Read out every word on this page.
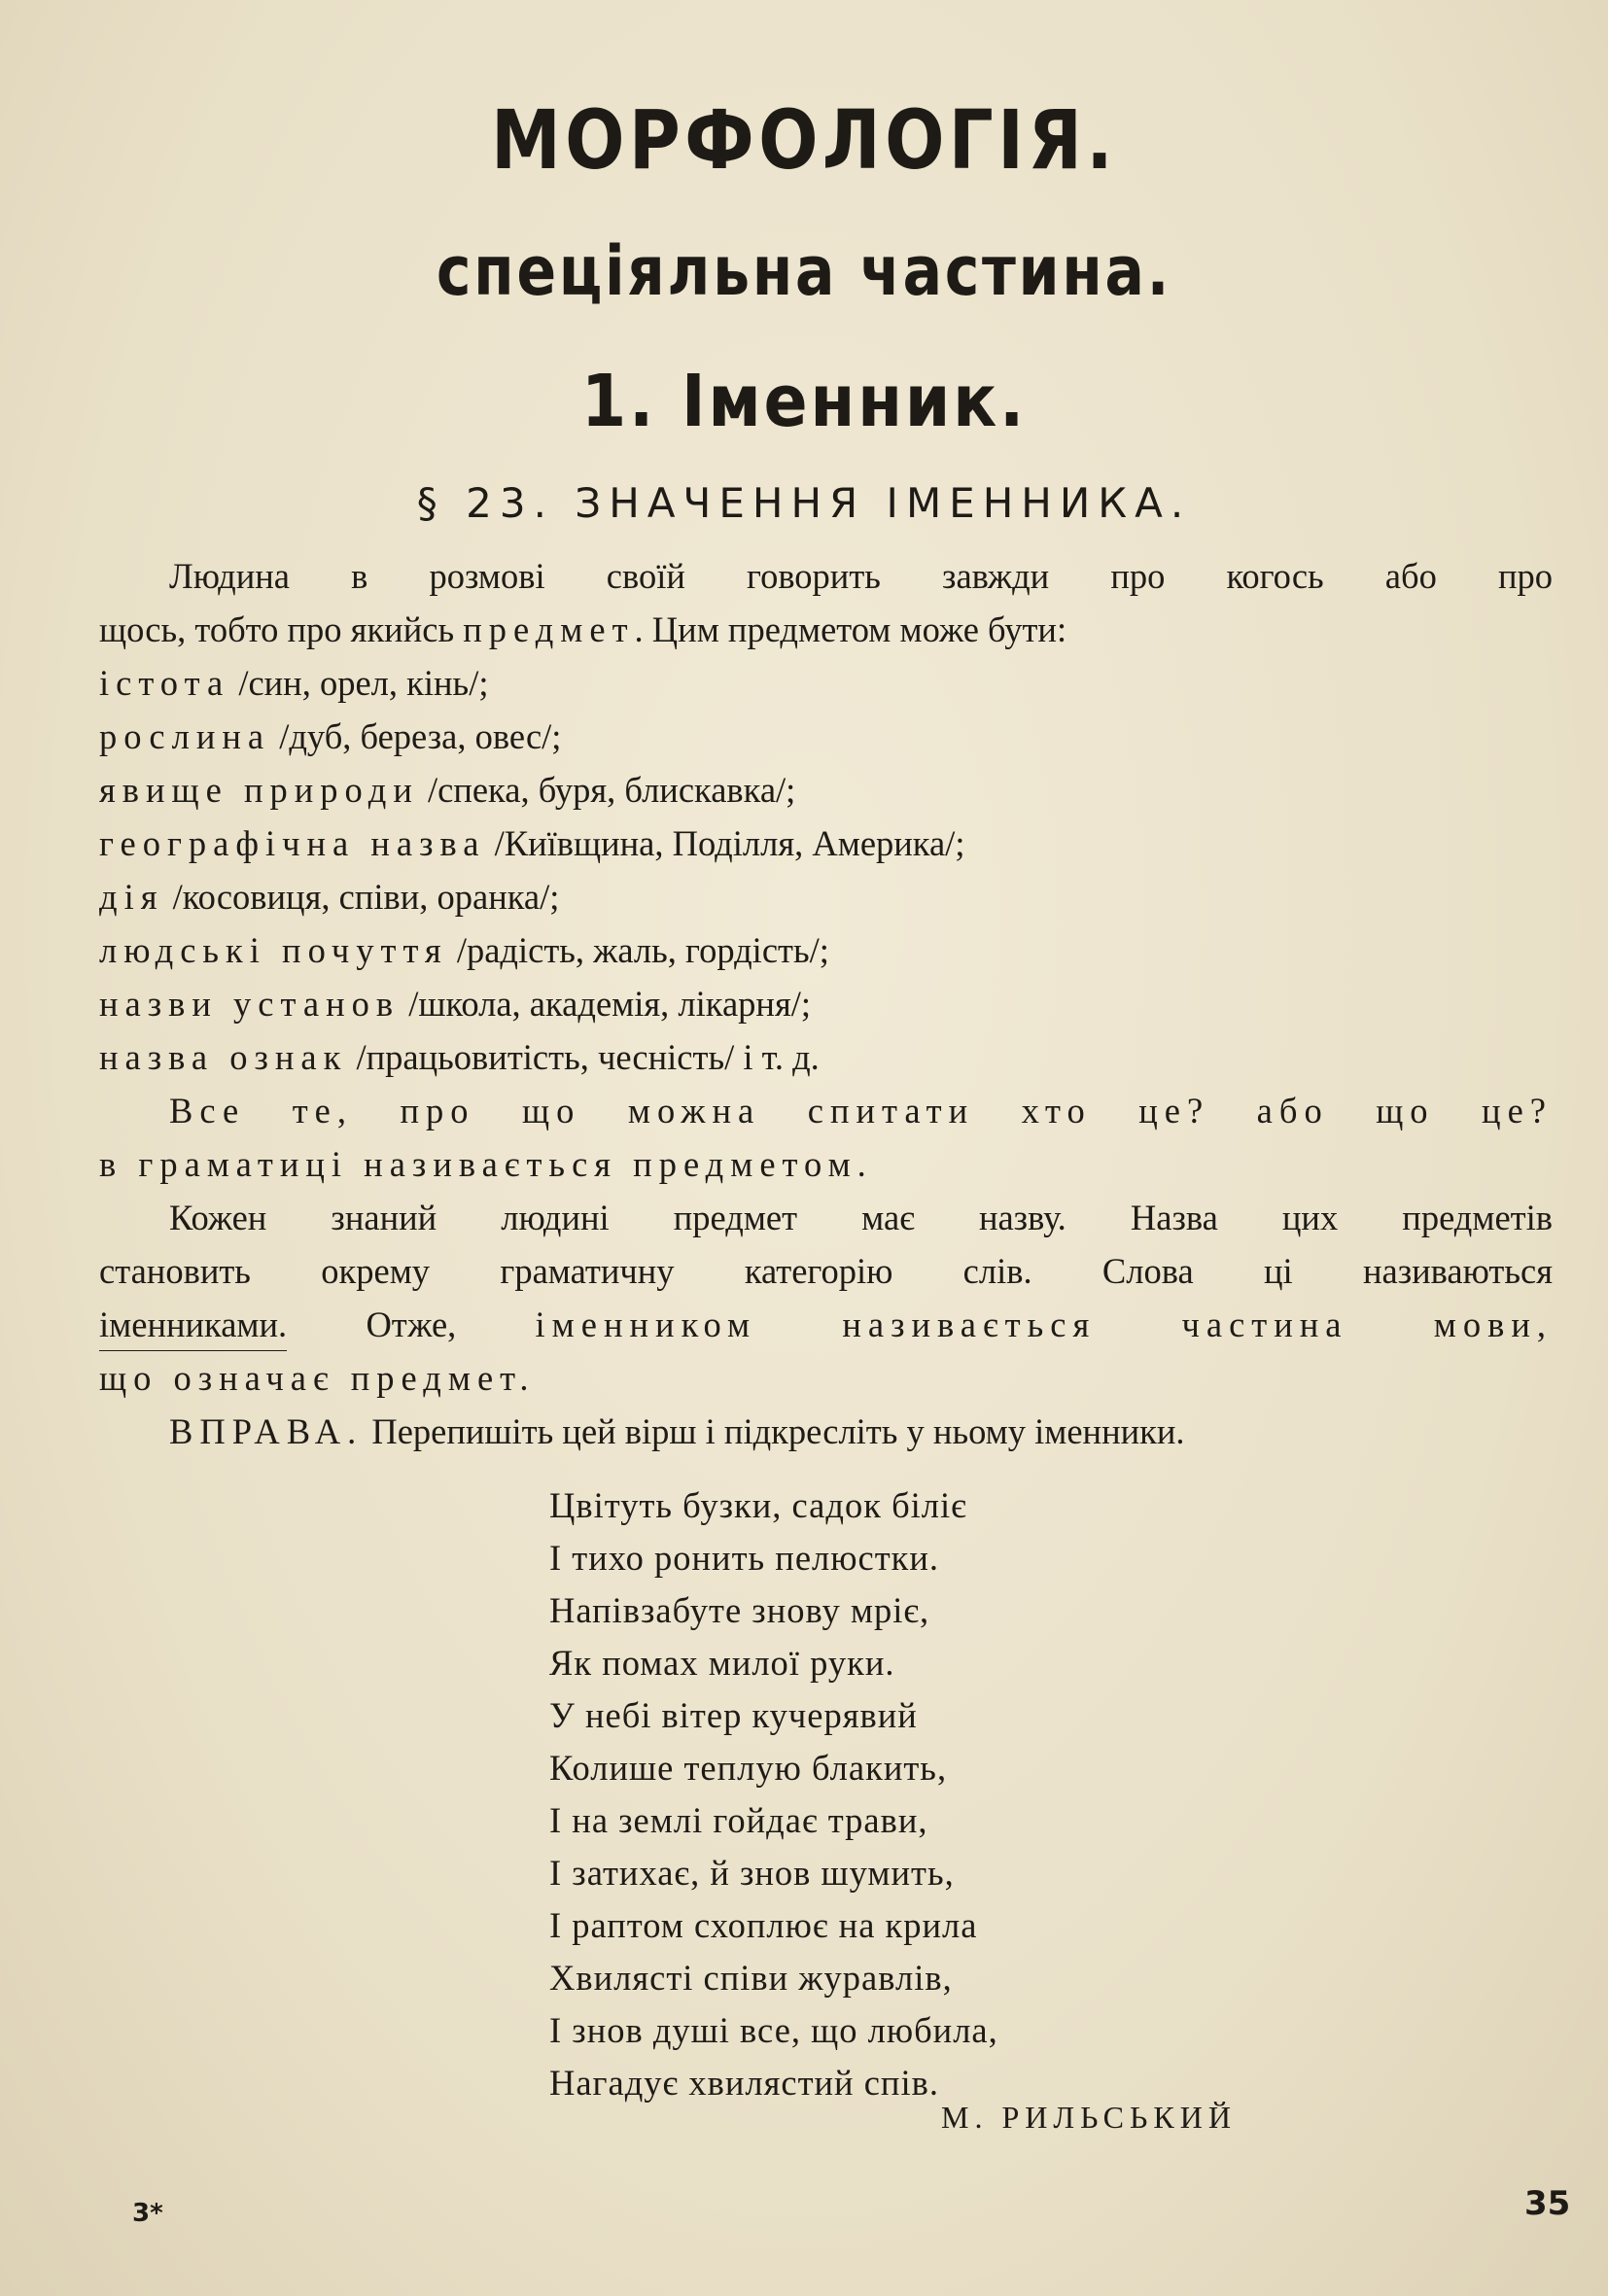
МОРФОЛОГІЯ.
спеціяльна частина.
1. Іменник.
§ 23. ЗНАЧЕННЯ ІМЕННИКА.
Людина в розмові своїй говорить завжди про когось або про
щось, тобто про якийсь предмет. Цим предметом може бути:
істота /син, орел, кінь/;
рослина /дуб, береза, овес/;
явище природи /спека, буря, блискавка/;
географічна назва /Київщина, Поділля, Америка/;
дія /косовиця, співи, оранка/;
людські почуття /радість, жаль, гордість/;
назви установ /школа, академія, лікарня/;
назва ознак /працьовитість, чесність/ і т. д.
Все те, про що можна спитати хто це? або що це?
в граматиці називається предметом.
Кожен знаний людині предмет має назву. Назва цих предметів
становить окрему граматичну категорію слів. Слова ці називаються
іменниками. Отже, іменником називається частина мови,
що означає предмет.
ВПРАВА. Перепишіть цей вірш і підкресліть у ньому іменники.
Цвітуть бузки, садок біліє
І тихо ронить пелюстки.
Напівзабуте знову мріє,
Як помах милої руки.
У небі вітер кучерявий
Колише теплую блакить,
І на землі гойдає трави,
І затихає, й знов шумить,
І раптом схоплює на крила
Хвилясті співи журавлів,
І знов душі все, що любила,
Нагадує хвилястий спів.
М. РИЛЬСЬКИЙ
3*	35
